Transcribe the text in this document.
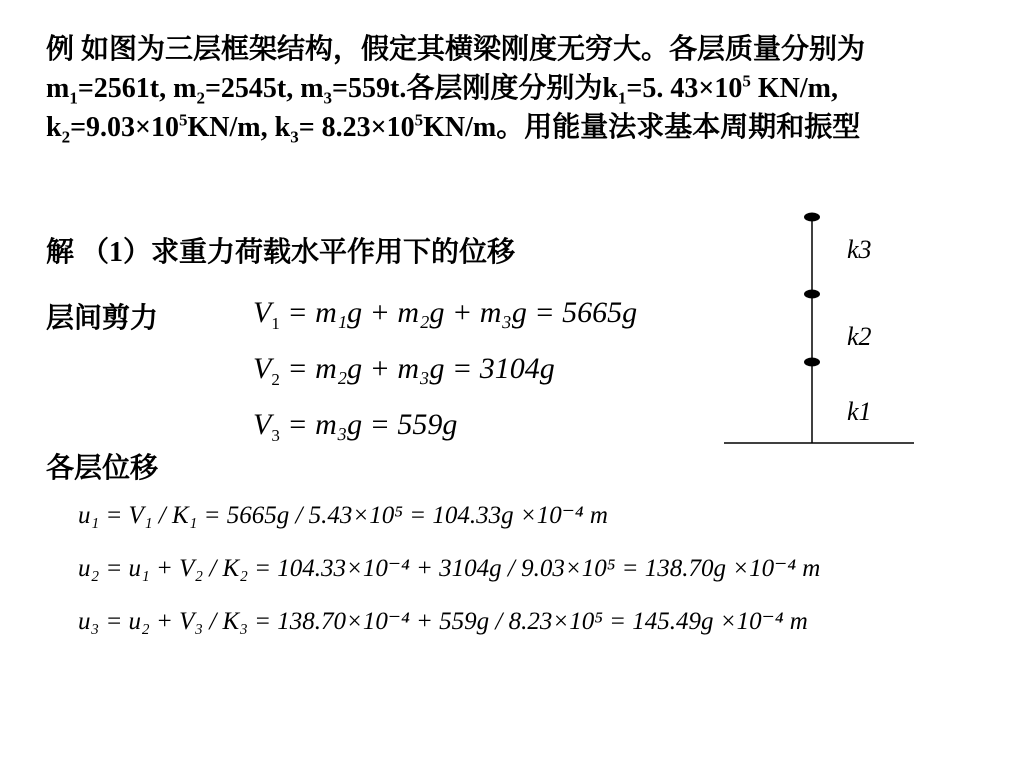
例 如图为三层框架结构，假定其横梁刚度无穷大。各层质量分别为$m_1=2561t$, $m_2=2545t$, $m_3=559t$.各层刚度分别为$k_1=5$. $43\times 10^5$ KN/m, $k_2=9.03\times 10^5KN/m$, $k_3= 8.23\times 10^5KN/m$。用能量法求基本周期和振型
解 （1）求重力荷载水平作用下的位移
层间剪力	$V_1 = m_1g + m_2g + m_3g = 5665g$
$V_2 = m_2g + m_3g = 3104g$
$V_3 = m_3g = 559g$
各层位移
u₁ = V₁ / K₁ = 5665g / 5.43×10⁵ = 104.33g ×10⁻⁴ m
u₂ = u₁ + V₂ / K₂ = 104.33×10⁻⁴ + 3104g / 9.03×10⁵ = 138.70g ×10⁻⁴ m
u₃ = u₂ + V₃ / K₃ = 138.70×10⁻⁴ + 559g / 8.23×10⁵ = 145.49g ×10⁻⁴ m
k3
k2
k1
